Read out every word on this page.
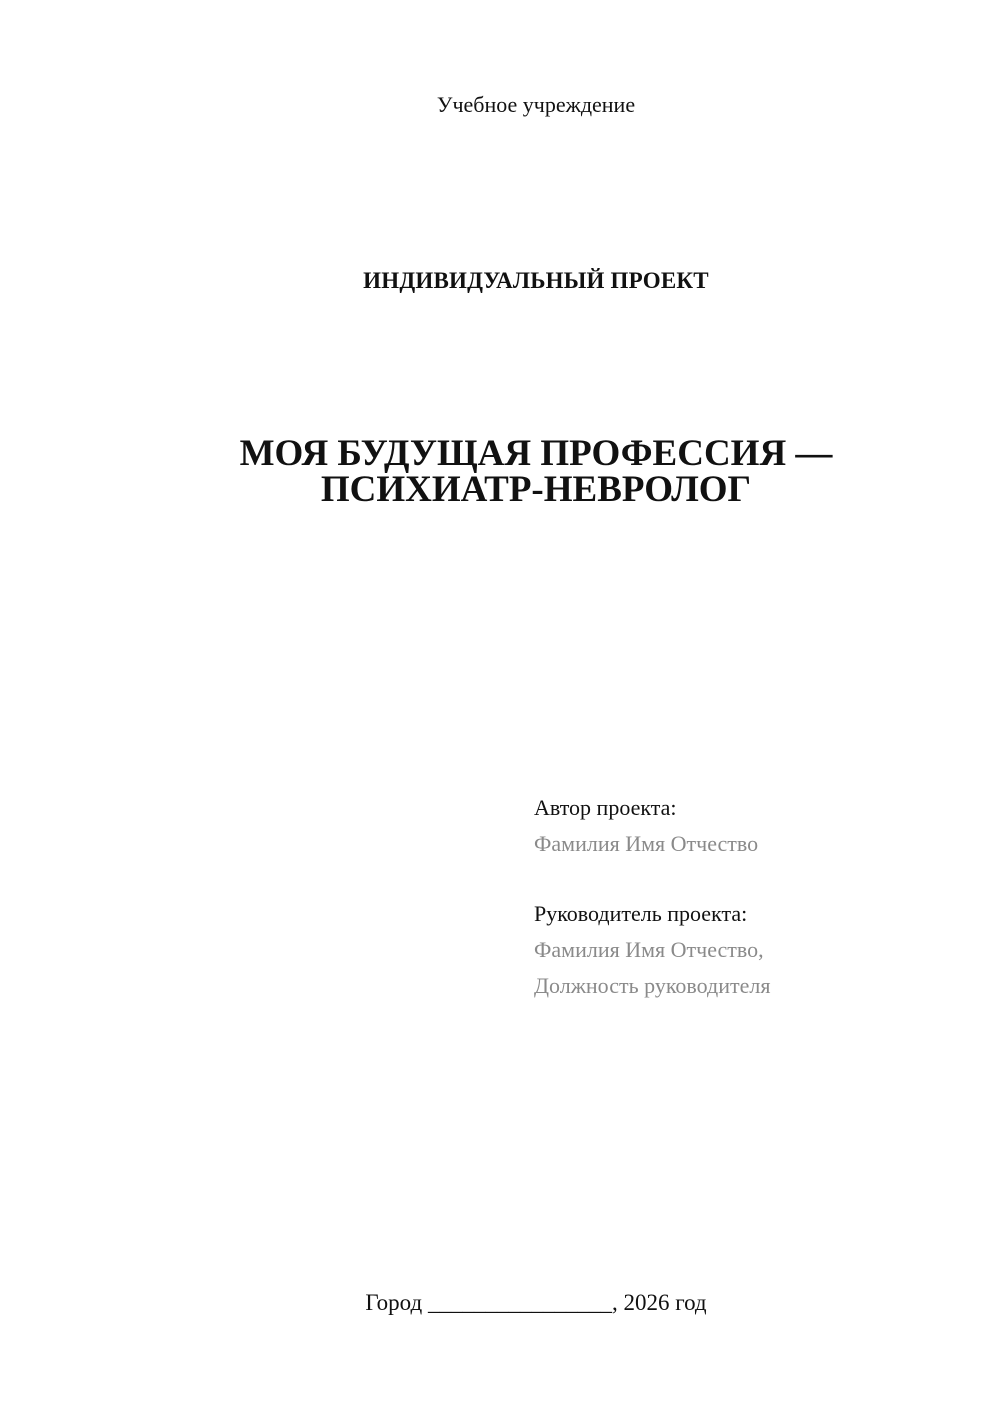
Учебное учреждение
ИНДИВИДУАЛЬНЫЙ ПРОЕКТ
МОЯ БУДУЩАЯ ПРОФЕССИЯ —
ПСИХИАТР-НЕВРОЛОГ
Автор проекта:
Фамилия Имя Отчество
Руководитель проекта:
Фамилия Имя Отчество,
Должность руководителя
Город ________________, 2026 год
